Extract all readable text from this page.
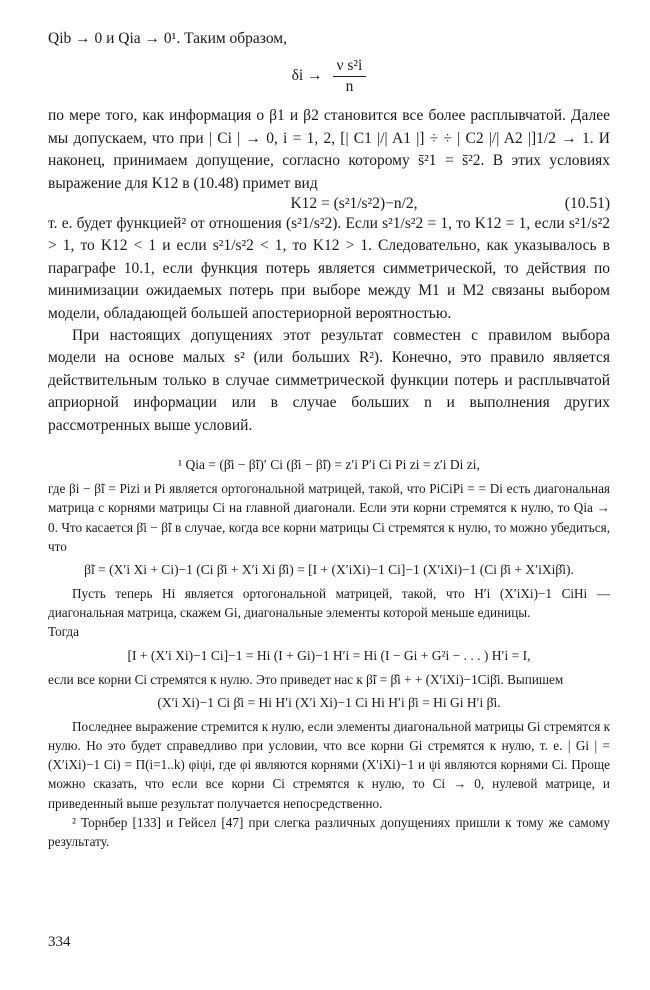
Qib → 0 и Qia → 0¹. Таким образом,

$\delta i \to \frac{\text{ν s²i}}{n}$

по мере того, как информация о β1 и β2 становится все более расплывчатой. Далее мы допускаем, что при | Ci | → 0, i = 1, 2, [| C1 |/| A1 |] ÷ ÷ | C2 |/| A2 |]1/2 → 1. И наконец, принимаем допущение, согласно которому s̄²1 = s̄²2. В этих условиях выражение для K12 в (10.48) примет вид

K12 = (s²1/s²2)−n/2,	(10.51)

т. е. будет функцией² от отношения (s²1/s²2). Если s²1/s²2 = 1, то K12 = 1, если s²1/s²2 > 1, то K12 < 1 и если s²1/s²2 < 1, то K12 > 1. Следовательно, как указывалось в параграфе 10.1, если функция потерь является симметрической, то действия по минимизации ожидаемых потерь при выборе между M1 и M2 связаны выбором модели, обладающей большей апостериорной вероятностью.

При настоящих допущениях этот результат совместен с правилом выбора модели на основе малых s² (или больших R²). Конечно, это правило является действительным только в случае симметрической функции потерь и расплывчатой априорной информации или в случае больших n и выполнения других рассмотренных выше условий.

¹ Qia = (β̄i − β̃i)′ Ci (β̄i − β̃i) = z′i P′i Ci Pi zi = z′i Di zi,

где βi − β̃i = Pizi и Pi является ортогональной матрицей, такой, что PiCiPi = = Di есть диагональная матрица с корнями матрицы Ci на главной диагонали. Если эти корни стремятся к нулю, то Qia → 0. Что касается β̄i − β̃i в случае, когда все корни матрицы Ci стремятся к нулю, то можно убедиться, что

β̃i = (X′i Xi + Ci)−1 (Ci β̄i + X′i Xi β̂i) = [I + (X′iXi)−1 Ci]−1 (X′iXi)−1 (Ci β̄i + X′iXiβ̂i).

Пусть теперь Hi является ортогональной матрицей, такой, что H′i (X′iXi)−1 CiHi — диагональная матрица, скажем Gi, диагональные элементы которой меньше единицы.

Тогда

[I + (X′i Xi)−1 Ci]−1 = Hi (I + Gi)−1 H′i = Hi (I − Gi + G²i − . . . ) H′i = I,

если все корни Ci стремятся к нулю. Это приведет нас к β̃i = β̂i + + (X′iXi)−1Ciβ̄i. Выпишем

(X′i Xi)−1 Ci β̄i = Hi H′i (X′i Xi)−1 Ci Hi H′i β̄i = Hi Gi H′i β̄i.

Последнее выражение стремится к нулю, если элементы диагональной матрицы Gi стремятся к нулю. Но это будет справедливо при условии, что все корни Gi стремятся к нулю, т. е. | Gi | = (X′iXi)−1 Ci) = Π(i=1..k) φiψi, где φi являются корнями (X′iXi)−1 и ψi являются корнями Ci. Проще можно сказать, что если все корни Ci стремятся к нулю, то Ci → 0, нулевой матрице, и приведенный выше результат получается непосредственно.

² Торнбер [133] и Гейсел [47] при слегка различных допущениях пришли к тому же самому результату.

334
